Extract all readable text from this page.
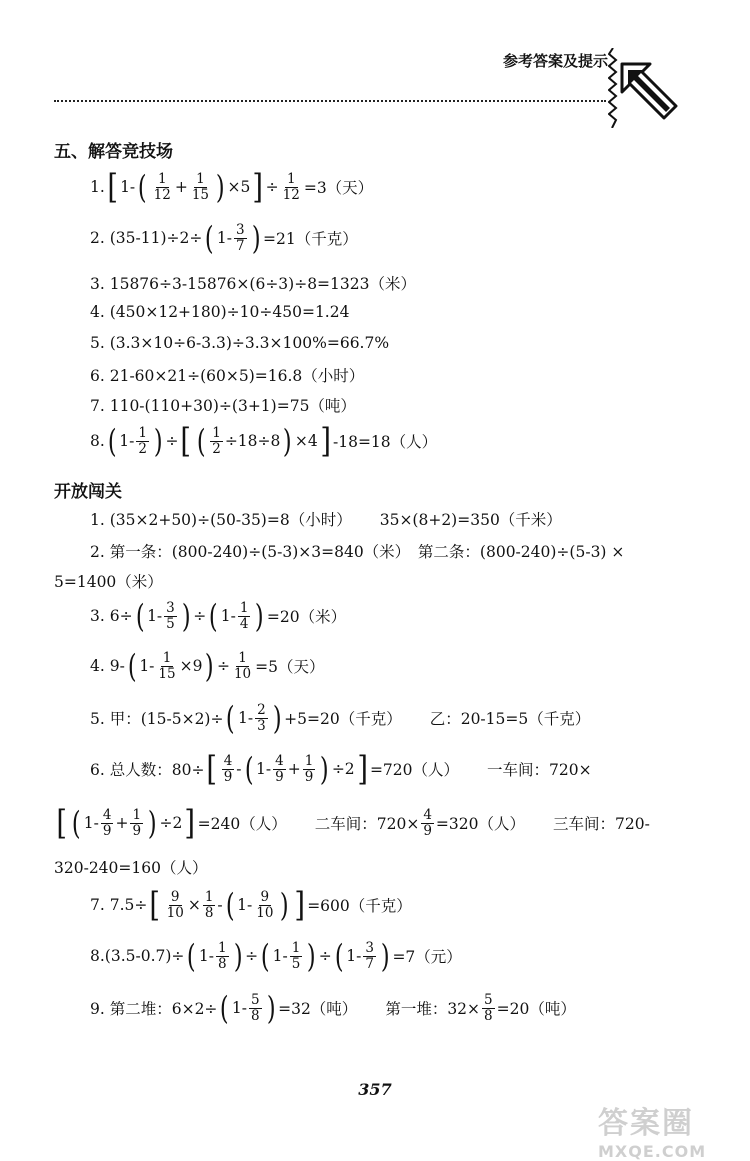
参考答案及提示
五、解答竞技场
1. [ 1- ( $\frac{1}{12} + \frac{1}{15}$ ) ×5 ] ÷ $\frac{1}{12} =3$（天）
2. (35-11)÷2÷ ( $1- \frac{3}{7}$ ) =21（千克）
3. 15876÷3-15876×(6÷3)÷8=1323（米）
4. (450×12+180)÷10÷450=1.24
5. (3.3×10÷6-3.3)÷3.3×100%=66.7%
6. 21-60×21÷(60×5)=16.8（小时）
7. 110-(110+30)÷(3+1)=75（吨）
8. ( $1- \frac{1}{2}$ ) ÷ [ ( $\frac{1}{2} \div 18\div 8$ ) ×4 ] -18=18（人）
开放闯关
1. (35×2+50)÷(50-35)=8（小时） 35×(8+2)=350（千米）
2. 第一条：(800-240)÷(5-3)×3=840（米）　第二条：(800-240)÷(5-3) ×
5=1400（米）
3. 6÷ ( $1- \frac{3}{5}$ ) ÷ ( $1- \frac{1}{4}$ ) =20（米）
4. 9- ( $1- \frac{1}{15} \times 9$ ) ÷ $\frac{1}{10} =5$（天）
5. 甲：(15-5×2)÷ ( $1- \frac{2}{3}$ ) +5=20（千克） 乙：20-15=5（千克）
6. 总人数：80÷ [ $\frac{4}{9}$ - ( $1- \frac{4}{9} + \frac{1}{9}$ ) ÷2 ] =720（人） 一车间：720×
[ ( $1- \frac{4}{9} + \frac{1}{9}$ ) ÷2 ] =240（人） 二车间：$720\times \frac{4}{9} =320$（人） 三车间：720-
320-240=160（人）
7. 7.5÷ [ $\frac{9}{10} \times \frac{1}{8}$ - ( $1- \frac{9}{10}$ ) ] =600（千克）
8.(3.5-0.7)÷ ( $1- \frac{1}{8}$ ) ÷ ( $1- \frac{1}{5}$ ) ÷ ( $1- \frac{3}{7}$ ) =7（元）
9. 第二堆：6×2÷ ( $1- \frac{5}{8}$ ) =32（吨） 第一堆：$32\times \frac{5}{8} =20$（吨）
357
答案圈
MXQE.COM
